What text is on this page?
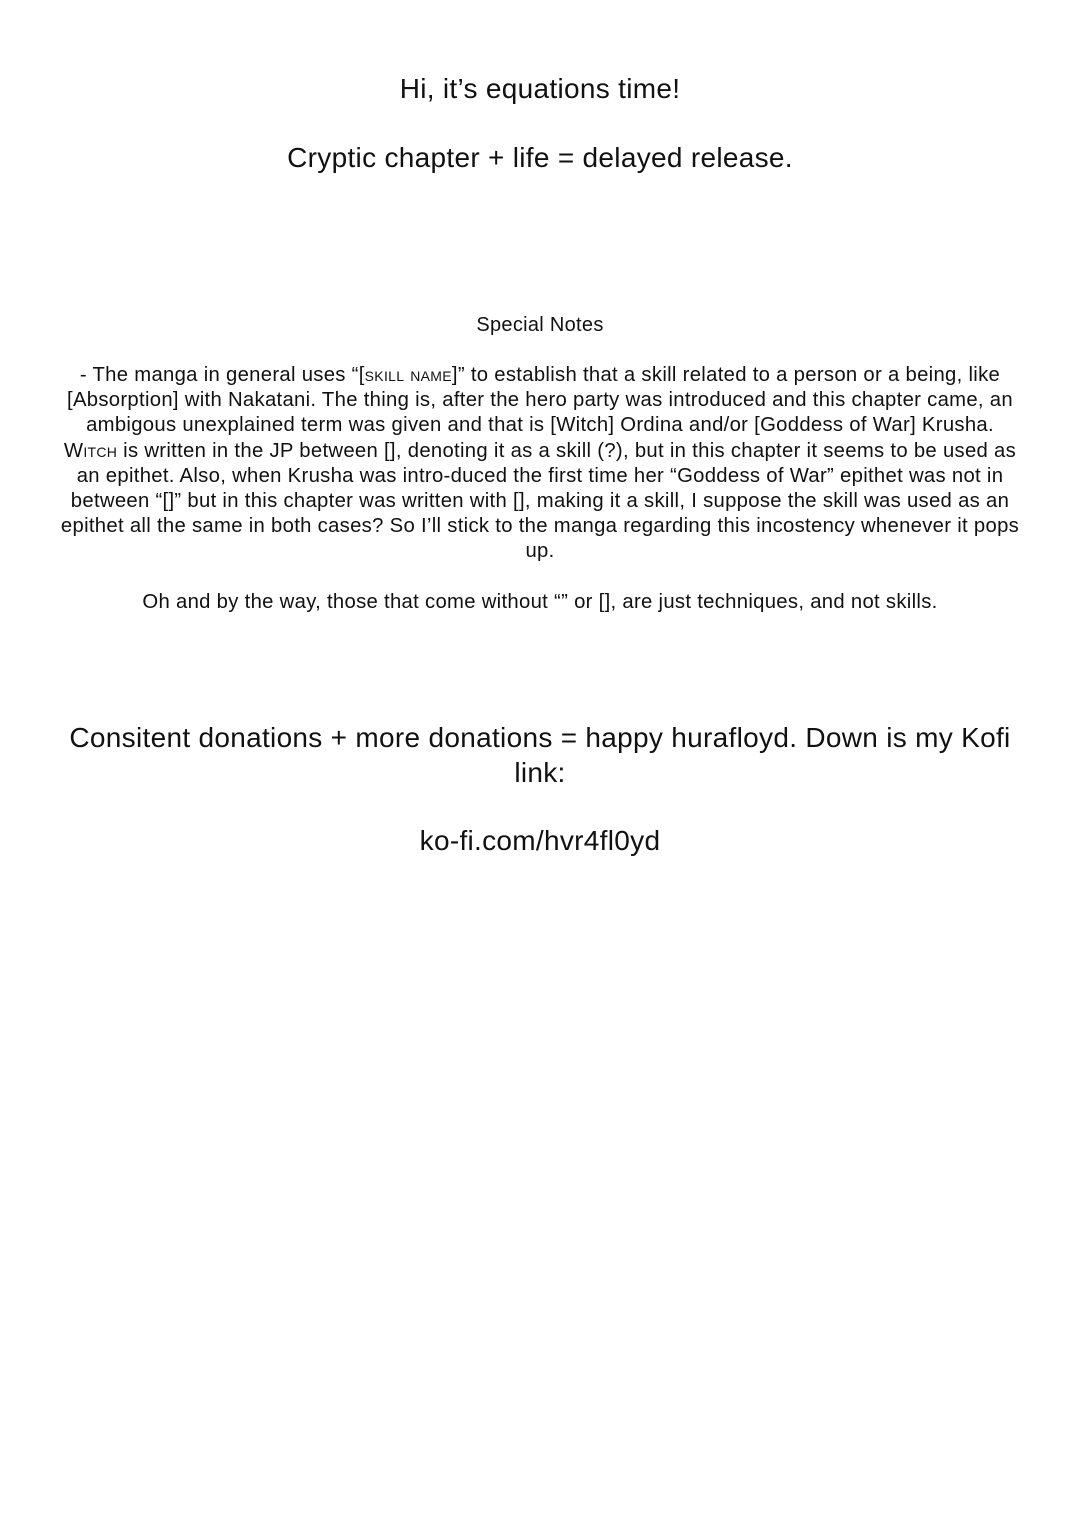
Hi, it’s equations time!

Cryptic chapter + life = delayed release.

Special Notes

- The manga in general uses “[skill name]” to establish that a skill related to a person or a being, like [Absorption] with Nakatani. The thing is, after the hero party was introduced and this chapter came, an ambigous unexplained term was given and that is [Witch] Ordina and/or [Goddess of War] Krusha. Witch is written in the JP between [], denoting it as a skill (?), but in this chapter it seems to be used as an epithet. Also, when Krusha was intro-duced the first time her “Goddess of War” epithet was not in between “[]” but in this chapter was written with [], making it a skill, I suppose the skill was used as an epithet all the same in both cases? So I’ll stick to the manga regarding this incostency whenever it pops up.

Oh and by the way, those that come without “” or [], are just techniques, and not skills.

Consitent donations + more donations = happy hurafloyd. Down is my Kofi link:

ko-fi.com/hvr4fl0yd
